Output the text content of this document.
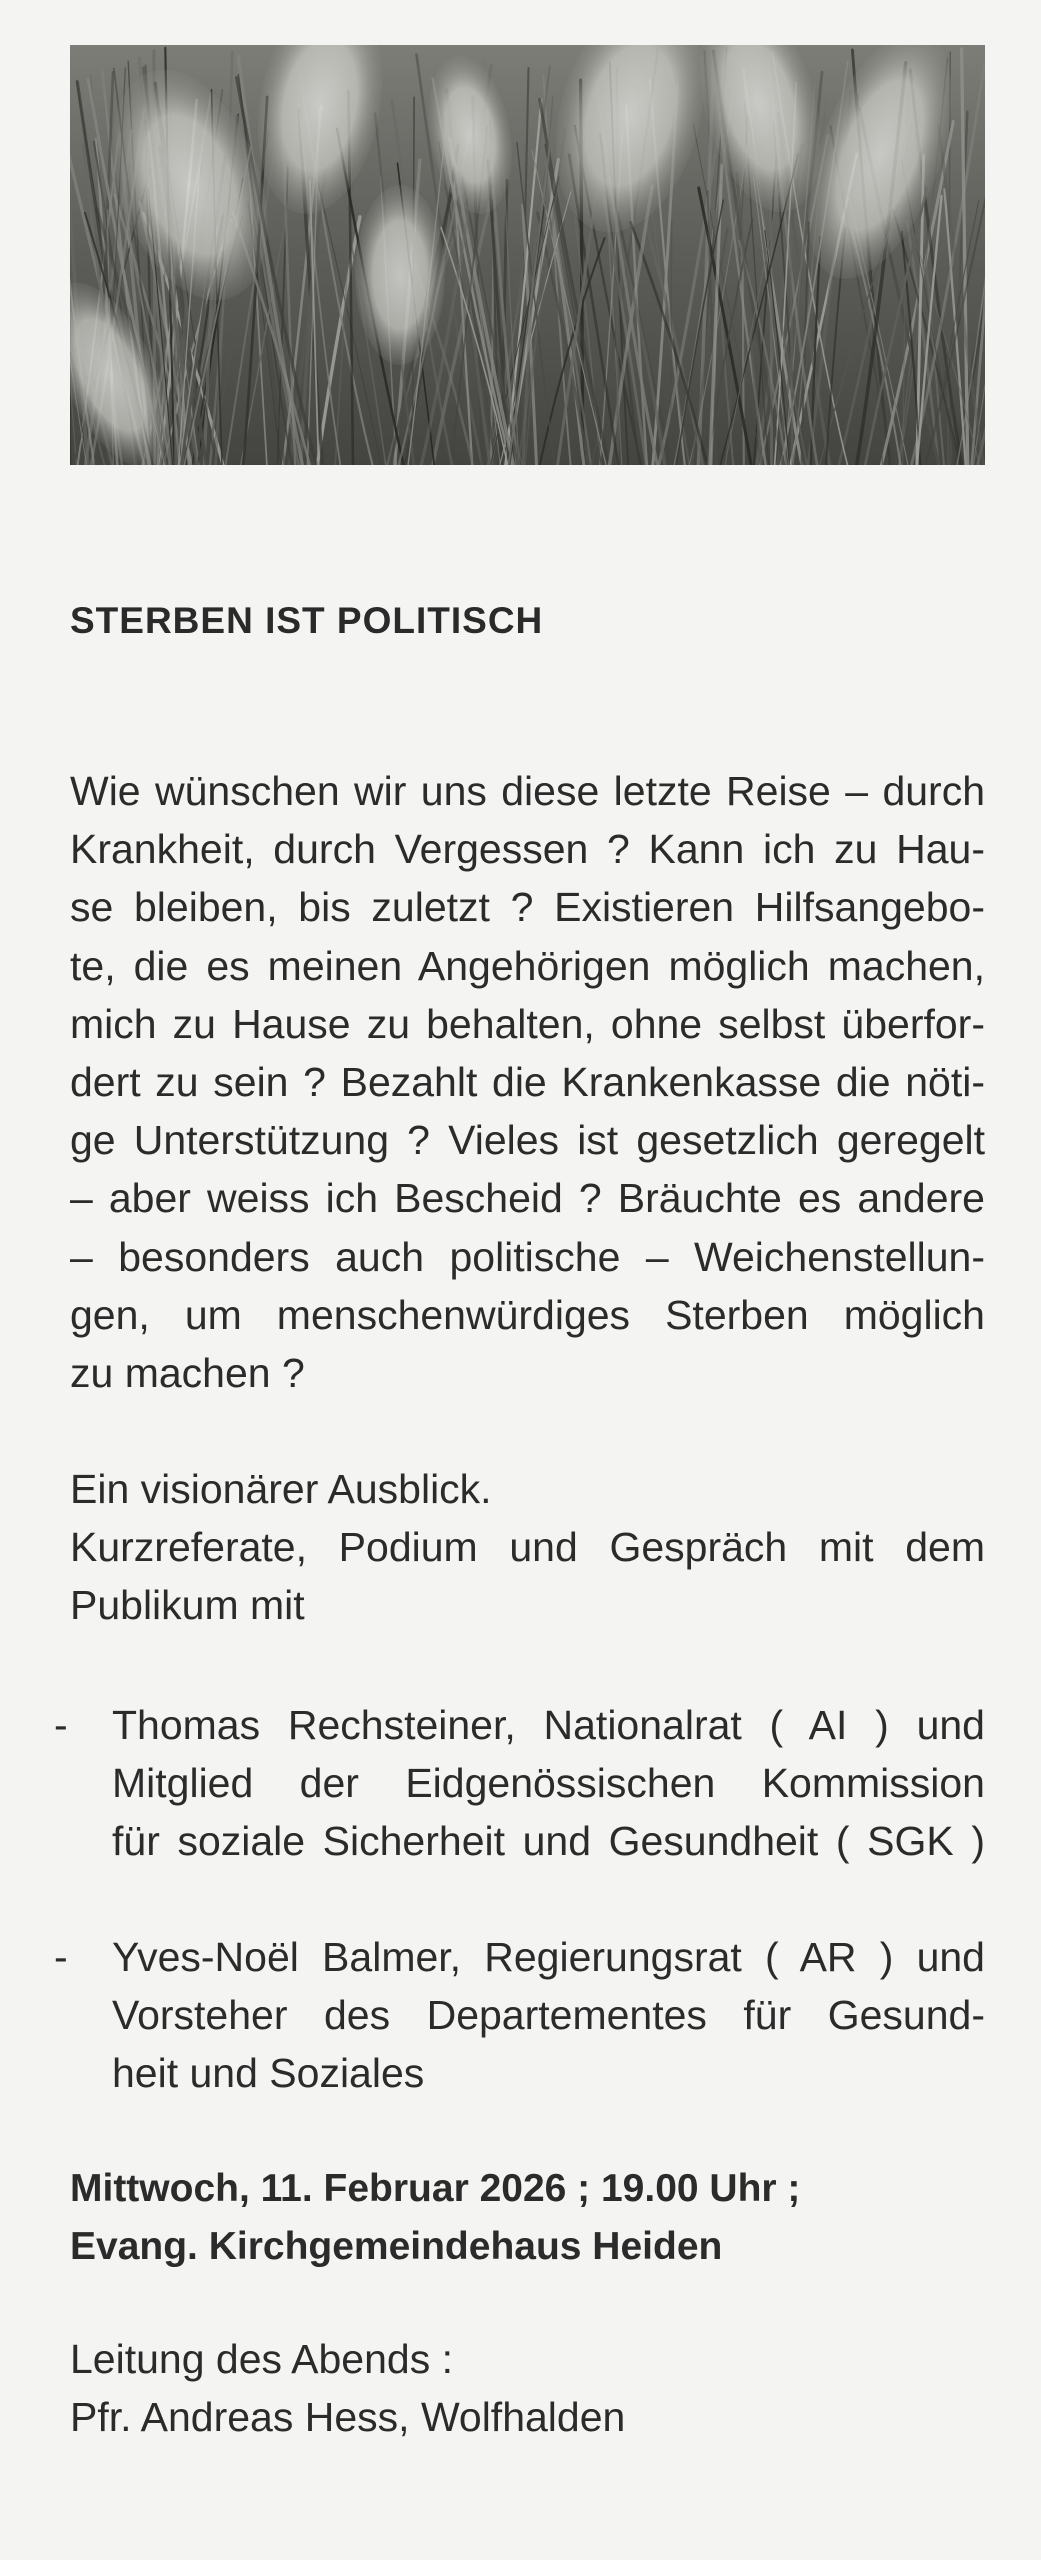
STERBEN IST POLITISCH
Wie wünschen wir uns diese letzte Reise – durch
Krankheit, durch Vergessen ? Kann ich zu Hau-
se bleiben, bis zuletzt ? Existieren Hilfsangebo-
te, die es meinen Angehörigen möglich machen,
mich zu Hause zu behalten, ohne selbst überfor-
dert zu sein ? Bezahlt die Krankenkasse die nöti-
ge Unterstützung ? Vieles ist gesetzlich geregelt
– aber weiss ich Bescheid ? Bräuchte es andere
– besonders auch politische – Weichenstellun-
gen, um menschenwürdiges Sterben möglich
zu machen ?
Ein visionärer Ausblick.
Kurzreferate, Podium und Gespräch mit dem
Publikum mit
- Thomas Rechsteiner, Nationalrat ( AI ) und
Mitglied der Eidgenössischen Kommission
für soziale Sicherheit und Gesundheit ( SGK )
- Yves-Noël Balmer, Regierungsrat ( AR ) und
Vorsteher des Departementes für Gesund-
heit und Soziales
Mittwoch, 11. Februar 2026 ; 19.00 Uhr ;
Evang. Kirchgemeindehaus Heiden
Leitung des Abends :
Pfr. Andreas Hess, Wolfhalden
